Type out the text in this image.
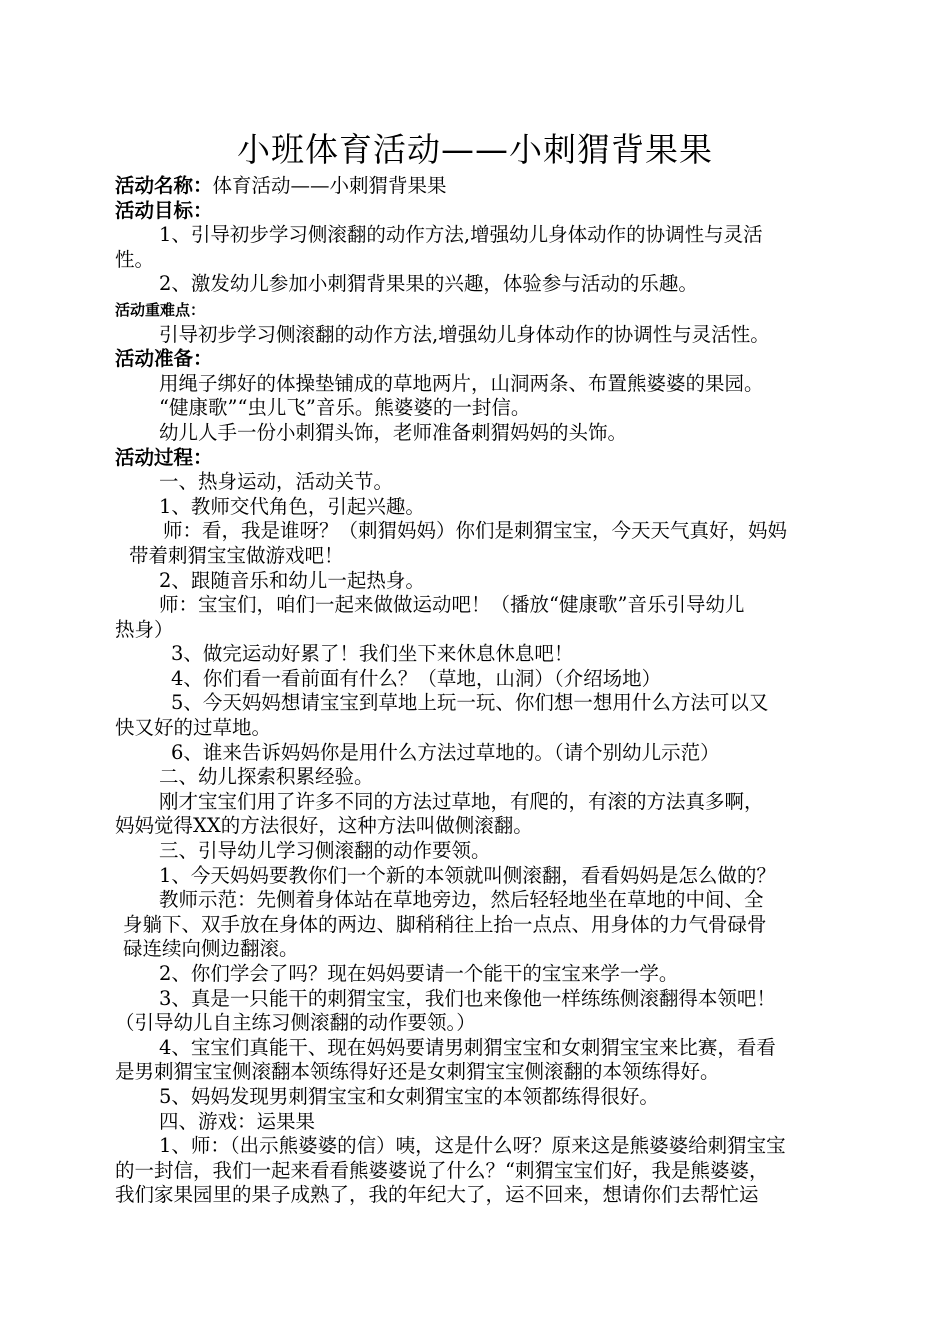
小班体育活动——小刺猬背果果

活动名称：体育活动——小刺猬背果果

活动目标：

1、引导初步学习侧滚翻的动作方法,增强幼儿身体动作的协调性与灵活

性。

2、激发幼儿参加小刺猬背果果的兴趣，体验参与活动的乐趣。

活动重难点：

引导初步学习侧滚翻的动作方法,增强幼儿身体动作的协调性与灵活性。

活动准备：

用绳子绑好的体操垫铺成的草地两片，山洞两条、布置熊婆婆的果园。

“健康歌”“虫儿飞”音乐。熊婆婆的一封信。

幼儿人手一份小刺猬头饰，老师准备刺猬妈妈的头饰。

活动过程：

一、热身运动，活动关节。

1、教师交代角色，引起兴趣。

师：看，我是谁呀？（刺猬妈妈）你们是刺猬宝宝，今天天气真好，妈妈

带着刺猬宝宝做游戏吧！

2、跟随音乐和幼儿一起热身。

师：宝宝们，咱们一起来做做运动吧！（播放“健康歌”音乐引导幼儿

热身）

3、做完运动好累了！我们坐下来休息休息吧！

4、你们看一看前面有什么？（草地，山洞）（介绍场地）

5、今天妈妈想请宝宝到草地上玩一玩、你们想一想用什么方法可以又

快又好的过草地。

6、谁来告诉妈妈你是用什么方法过草地的。（请个别幼儿示范）

二、幼儿探索积累经验。

刚才宝宝们用了许多不同的方法过草地，有爬的，有滚的方法真多啊，

妈妈觉得XX的方法很好，这种方法叫做侧滚翻。

三、引导幼儿学习侧滚翻的动作要领。

1、今天妈妈要教你们一个新的本领就叫侧滚翻，看看妈妈是怎么做的？

教师示范：先侧着身体站在草地旁边，然后轻轻地坐在草地的中间、全

身躺下、双手放在身体的两边、脚稍稍往上抬一点点、用身体的力气骨碌骨

碌连续向侧边翻滚。

2、你们学会了吗？现在妈妈要请一个能干的宝宝来学一学。

3、真是一只能干的刺猬宝宝，我们也来像他一样练练侧滚翻得本领吧！

（引导幼儿自主练习侧滚翻的动作要领。）

4、宝宝们真能干、现在妈妈要请男刺猬宝宝和女刺猬宝宝来比赛，看看

是男刺猬宝宝侧滚翻本领练得好还是女刺猬宝宝侧滚翻的本领练得好。

5、妈妈发现男刺猬宝宝和女刺猬宝宝的本领都练得很好。

四、游戏：运果果

1、师：（出示熊婆婆的信）咦，这是什么呀？原来这是熊婆婆给刺猬宝宝

的一封信，我们一起来看看熊婆婆说了什么？“刺猬宝宝们好，我是熊婆婆，

我们家果园里的果子成熟了，我的年纪大了，运不回来，想请你们去帮忙运
